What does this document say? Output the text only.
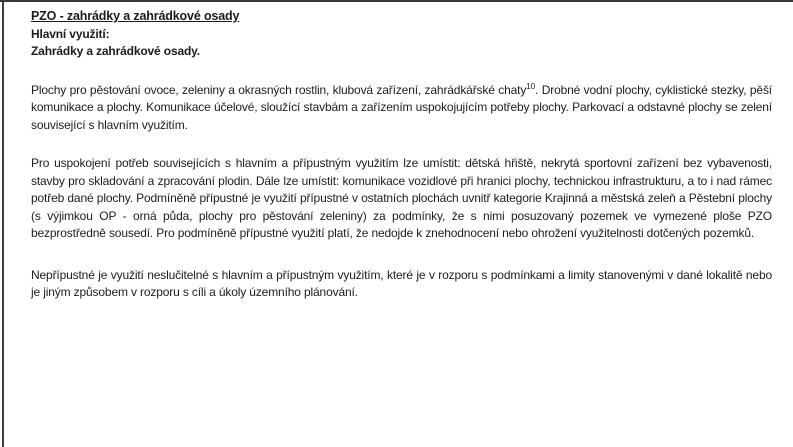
PZO - zahrádky a zahrádkové osady

Hlavní využití:

Zahrádky a zahrádkové osady.

Plochy pro pěstování ovoce, zeleniny a okrasných rostlin, klubová zařízení, zahrádkářské chaty$^{10}$. Drobné vodní plochy, cyklistické stezky, pěší komunikace a plochy. Komunikace účelové, sloužící stavbám a zařízením uspokojujícím potřeby plochy. Parkovací a odstavné plochy se zelení související s hlavním využitím.

Pro uspokojení potřeb souvisejících s hlavním a přípustným využitím lze umístit: dětská hřiště, nekrytá sportovní zařízení bez vybavenosti, stavby pro skladování a zpracování plodin. Dále lze umístit: komunikace vozidlové při hranici plochy, technickou infrastrukturu, a to i nad rámec potřeb dané plochy. Podmíněně přípustné je využití přípustné v ostatních plochách uvnitř kategorie Krajinná a městská zeleň a Pěstební plochy (s výjimkou OP - orná půda, plochy pro pěstování zeleniny) za podmínky, že s nimi posuzovaný pozemek ve vymezené ploše PZO bezprostředně sousedí. Pro podmíněně přípustné využití platí, že nedojde k znehodnocení nebo ohrožení využitelnosti dotčených pozemků.

Nepřípustné je využití neslučitelné s hlavním a přípustným využitím, které je v rozporu s podmínkami a limity stanovenými v dané lokalitě nebo je jiným způsobem v rozporu s cíli a úkoly územního plánování.
